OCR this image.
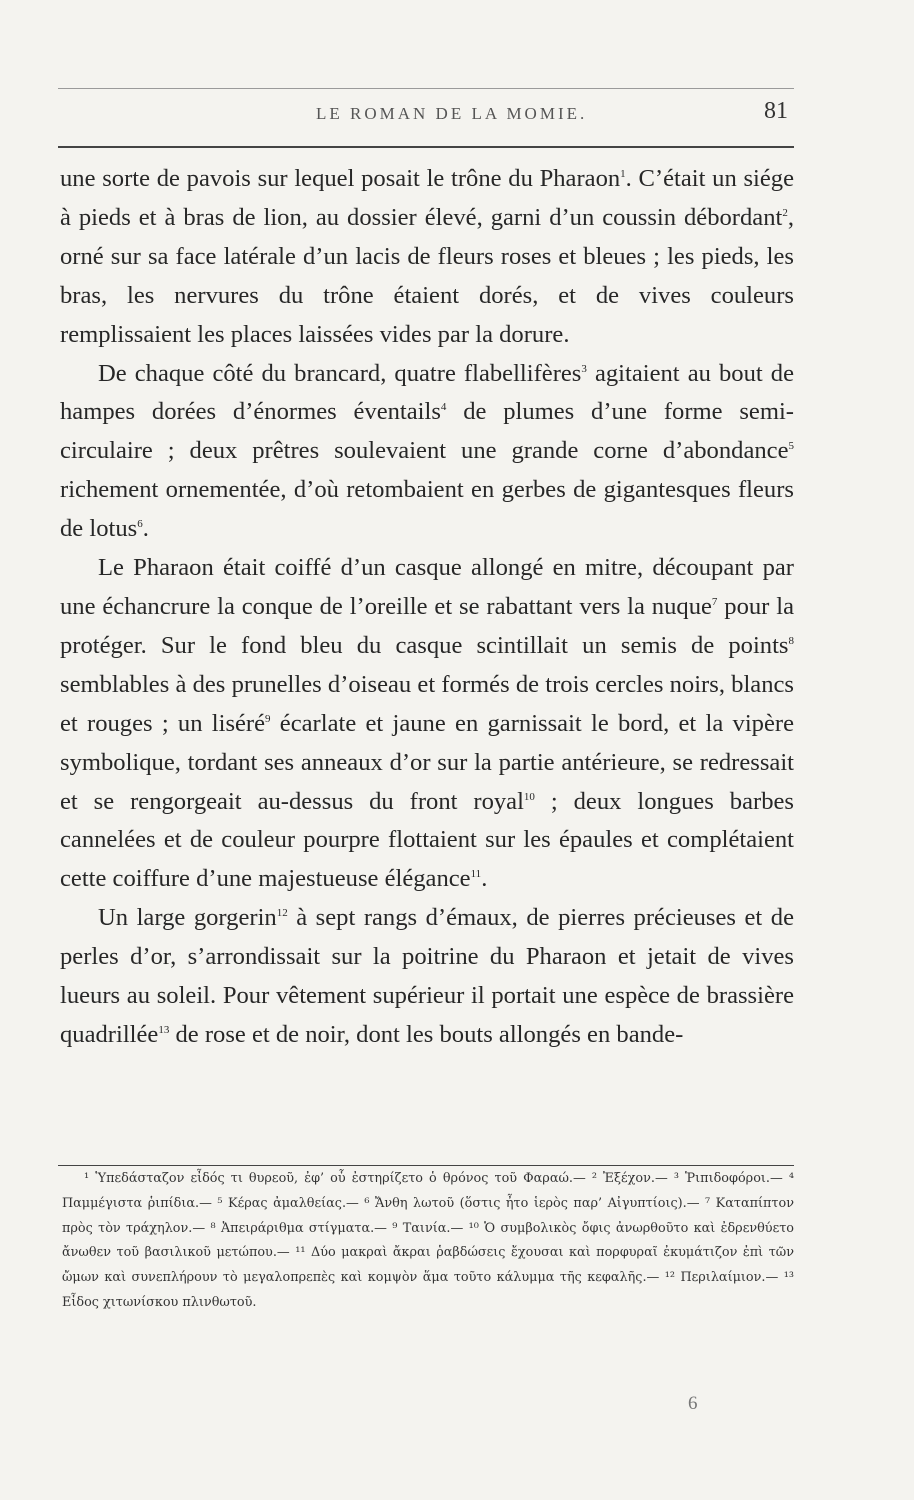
LE ROMAN DE LA MOMIE.	81

une sorte de pavois sur lequel posait le trône du Pharaon$^1$. C’était un siége à pieds et à bras de lion, au dossier élevé, garni d’un coussin débordant$^2$, orné sur sa face latérale d’un lacis de fleurs roses et bleues ; les pieds, les bras, les nervures du trône étaient dorés, et de vives couleurs remplissaient les places laissées vides par la dorure.

De chaque côté du brancard, quatre flabellifères$^3$ agitaient au bout de hampes dorées d’énormes éventails$^4$ de plumes d’une forme semi-circulaire ; deux prêtres soulevaient une grande corne d’abondance$^5$ richement ornementée, d’où retombaient en gerbes de gigantesques fleurs de lotus$^6$.

Le Pharaon était coiffé d’un casque allongé en mitre, découpant par une échancrure la conque de l’oreille et se rabattant vers la nuque$^7$ pour la protéger. Sur le fond bleu du casque scintillait un semis de points$^8$ semblables à des prunelles d’oiseau et formés de trois cercles noirs, blancs et rouges ; un liséré$^9$ écarlate et jaune en garnissait le bord, et la vipère symbolique, tordant ses anneaux d’or sur la partie antérieure, se redressait et se rengorgeait au-dessus du front royal$^{10}$ ; deux longues barbes cannelées et de couleur pourpre flottaient sur les épaules et complétaient cette coiffure d’une majestueuse élégance$^{11}$.

Un large gorgerin$^{12}$ à sept rangs d’émaux, de pierres précieuses et de perles d’or, s’arrondissait sur la poitrine du Pharaon et jetait de vives lueurs au soleil. Pour vêtement supérieur il portait une espèce de brassière quadrillée$^{13}$ de rose et de noir, dont les bouts allongés en bande-

¹ Ὑπεδάσταζον εἶδός τι θυρεοῦ, ἐφ’ οὗ ἐστηρίζετο ὁ θρόνος τοῦ Φαραώ.— ² Ἐξέχον.— ³ Ῥιπιδοφόροι.— ⁴ Παμμέγιστα ῥιπίδια.— ⁵ Κέρας ἀμαλθείας.— ⁶ Ἄνθη λωτοῦ (ὅστις ἦτο ἱερὸς παρ’ Αἰγυπτίοις).— ⁷ Καταπίπτον πρὸς τὸν τράχηλον.— ⁸ Ἀπειράριθμα στίγματα.— ⁹ Ταινία.— ¹⁰ Ὁ συμβολικὸς ὄφις ἀνωρθοῦτο καὶ ἐδρενθύετο ἄνωθεν τοῦ βασιλικοῦ μετώπου.— ¹¹ Δύο μακραὶ ἄκραι ῥαβδώσεις ἔχουσαι καὶ πορφυραῖ ἐκυμάτιζον ἐπὶ τῶν ὤμων καὶ συνεπλήρουν τὸ μεγαλοπρεπὲς καὶ κομψὸν ἅμα τοῦτο κάλυμμα τῆς κεφαλῆς.— ¹² Περιλαίμιον.— ¹³ Εἶδος χιτωνίσκου πλινθωτοῦ.

6
